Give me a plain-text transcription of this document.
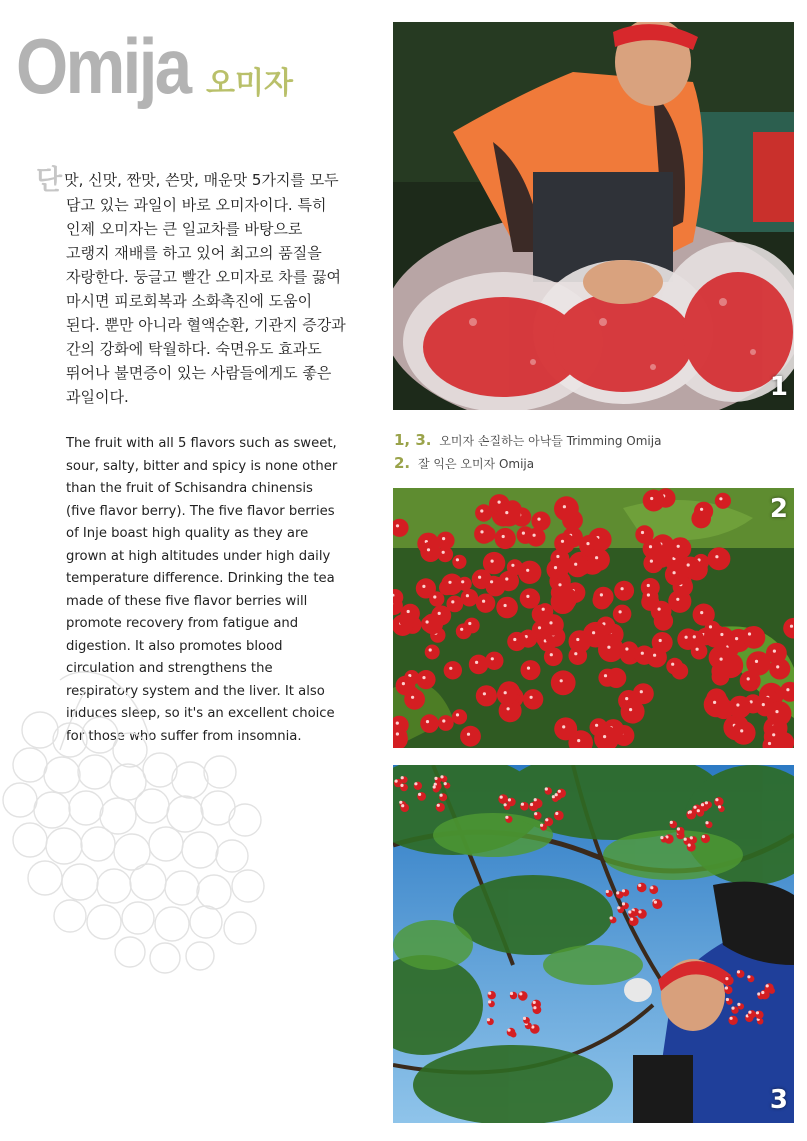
Omija 오미자
단맛, 신맛, 짠맛, 쓴맛, 매운맛 5가지를 모두
담고 있는 과일이 바로 오미자이다. 특히
인제 오미자는 큰 일교차를 바탕으로
고랭지 재배를 하고 있어 최고의 품질을
자랑한다. 둥글고 빨간 오미자로 차를 끓여
마시면 피로회복과 소화촉진에 도움이
된다. 뿐만 아니라 혈액순환, 기관지 증강과
간의 강화에 탁월하다. 숙면유도 효과도
뛰어나 불면증이 있는 사람들에게도 좋은
과일이다.
The fruit with all 5 flavors such as sweet,
sour, salty, bitter and spicy is none other
than the fruit of Schisandra chinensis
(five flavor berry). The five flavor berries
of Inje boast high quality as they are
grown at high altitudes under high daily
temperature difference. Drinking the tea
made of these five flavor berries will
promote recovery from fatigue and
digestion. It also promotes blood
circulation and strengthens the
respiratory system and the liver. It also
induces sleep, so it's an excellent choice
for those who suffer from insomnia.
1
1, 3. 오미자 손질하는 아낙들 Trimming Omija
2. 잘 익은 오미자 Omija
2
3
